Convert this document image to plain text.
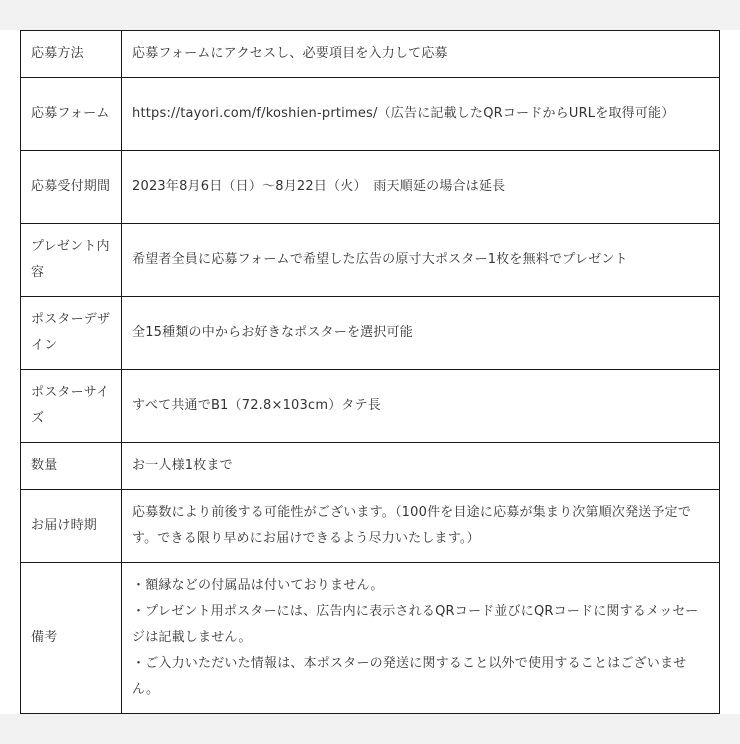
応募方法	応募フォームにアクセスし、必要項目を入力して応募
応募フォーム	https://tayori.com/f/koshien-prtimes/（広告に記載したQRコードからURLを取得可能）
応募受付期間	2023年8月6日（日）～8月22日（火）　雨天順延の場合は延長
プレゼント内容	希望者全員に応募フォームで希望した広告の原寸大ポスター1枚を無料でプレゼント
ポスターデザイン	全15種類の中からお好きなポスターを選択可能
ポスターサイズ	すべて共通でB1（72.8×103cm）タテ長
数量	お一人様1枚まで
お届け時期	応募数により前後する可能性がございます。（100件を目途に応募が集まり次第順次発送予定です。できる限り早めにお届けできるよう尽力いたします。）
備考	・額縁などの付属品は付いておりません。
・プレゼント用ポスターには、広告内に表示されるQRコード並びにQRコードに関するメッセージは記載しません。
・ご入力いただいた情報は、本ポスターの発送に関すること以外で使用することはございません。
